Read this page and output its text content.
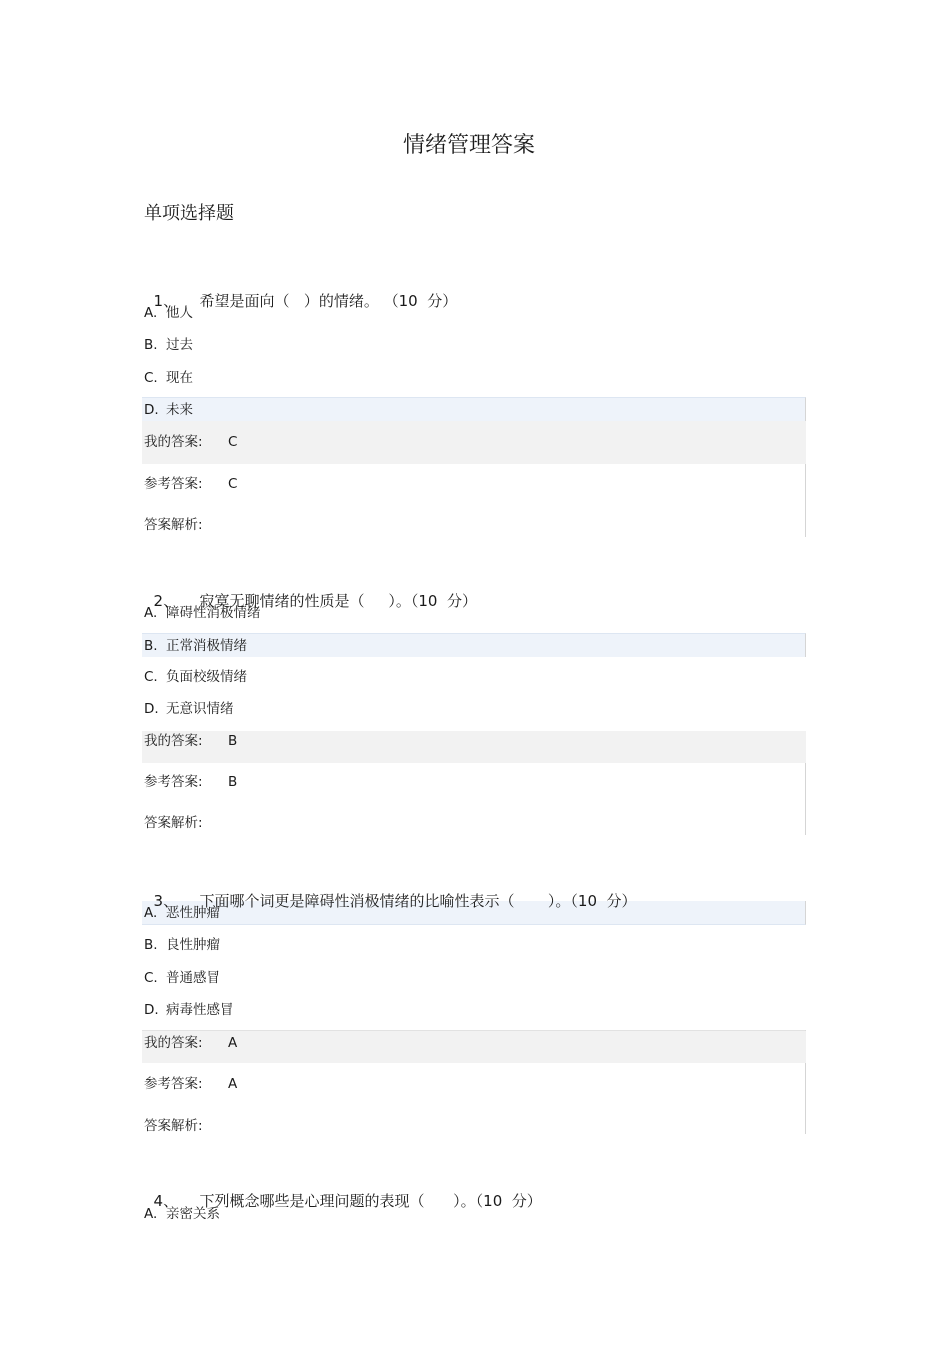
情绪管理答案
单项选择题

1、 希望是面向（   ）的情绪。 （10  分）

A. 他人
B. 过去
C. 现在
D. 未来
我的答案: C
参考答案: C
答案解析:

2、 寂寞无聊情绪的性质是（     ）。（10  分）

A. 障碍性消极情绪
B. 正常消极情绪
C. 负面校级情绪
D. 无意识情绪
我的答案: B
参考答案: B
答案解析:

3、 下面哪个词更是障碍性消极情绪的比喻性表示（       ）。（10  分）

A. 恶性肿瘤
B. 良性肿瘤
C. 普通感冒
D. 病毒性感冒
我的答案: A
参考答案: A
答案解析:

4、 下列概念哪些是心理问题的表现（      ）。（10  分）

A. 亲密关系
